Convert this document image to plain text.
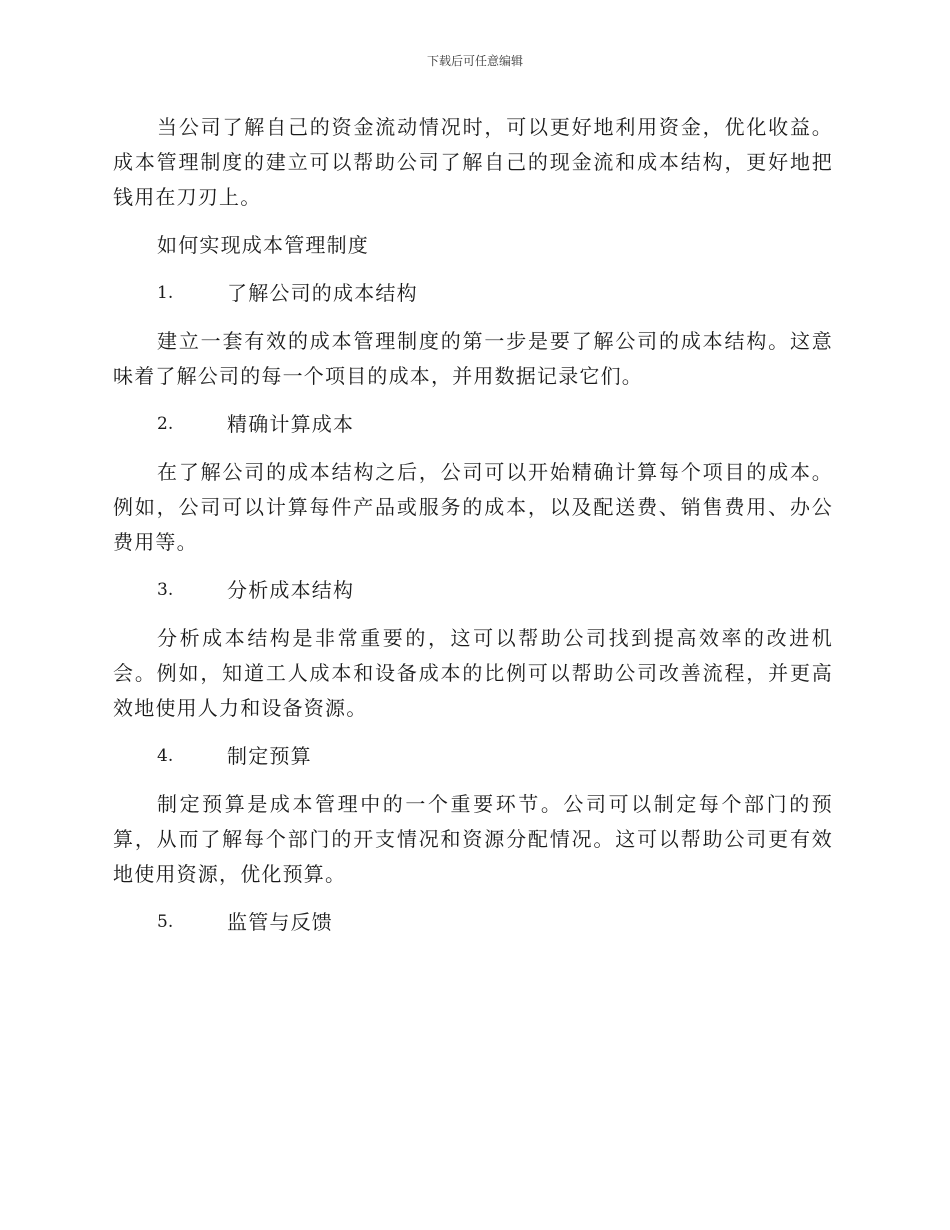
下载后可任意编辑

当公司了解自己的资金流动情况时，可以更好地利用资金，优化收益。成本管理制度的建立可以帮助公司了解自己的现金流和成本结构，更好地把钱用在刀刃上。

如何实现成本管理制度

1.	了解公司的成本结构

建立一套有效的成本管理制度的第一步是要了解公司的成本结构。这意味着了解公司的每一个项目的成本，并用数据记录它们。

2.	精确计算成本

在了解公司的成本结构之后，公司可以开始精确计算每个项目的成本。例如，公司可以计算每件产品或服务的成本，以及配送费、销售费用、办公费用等。

3.	分析成本结构

分析成本结构是非常重要的，这可以帮助公司找到提高效率的改进机会。例如，知道工人成本和设备成本的比例可以帮助公司改善流程，并更高效地使用人力和设备资源。

4.	制定预算

制定预算是成本管理中的一个重要环节。公司可以制定每个部门的预算，从而了解每个部门的开支情况和资源分配情况。这可以帮助公司更有效地使用资源，优化预算。

5.	监管与反馈
